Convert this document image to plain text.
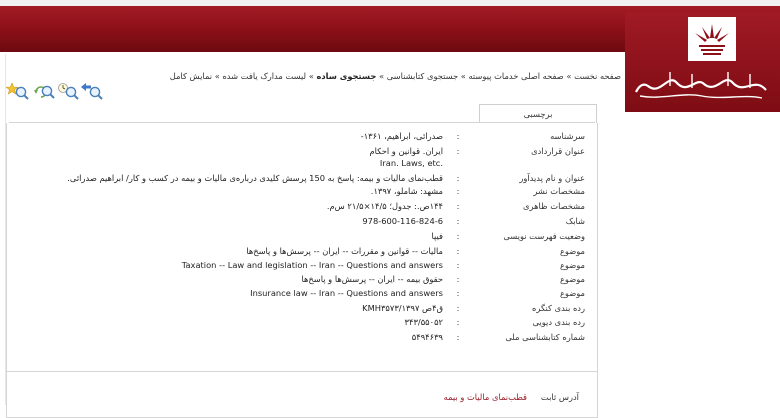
صفحه نخست » صفحه اصلی خدمات پیوسته » جستجوی کتابشناسی » جستجوی ساده » لیست مدارک یافت شده » نمایش کامل
برچسبی
سرشناسه
:
صدرائی، ابراهیم، ۱۳۶۱-
عنوان قراردادی
:
ایران. قوانین و احکام
Iran. Laws, etc.
عنوان و نام پدیدآور
:
قطب‌نمای مالیات و بیمه: پاسخ به 150 پرسش کلیدی درباره‌ی مالیات و بیمه در کسب و کار/ ابراهیم صدرائی.
مشخصات نشر
:
مشهد: شاملو، ۱۳۹۷.
مشخصات ظاهری
:
۱۴۴ص.: جدول؛ ۱۴/۵×۲۱/۵ س‌م.
شابک
:
978-600-116-824-6
وضعیت فهرست نویسی
:
فیپا
موضوع
:
مالیات -- قوانین و مقررات -- ایران -- پرسش‌ها و پاسخ‌ها
موضوع
:
Taxation -- Law and legislation -- Iran -- Questions and answers
موضوع
:
حقوق بیمه -- ایران -- پرسش‌ها و پاسخ‌ها
موضوع
:
Insurance law -- Iran -- Questions and answers
رده بندی کنگره
:
KMH۳۵۷۳/ق۴ص ۱۳۹۷
رده بندی دیویی
:
۳۴۳/۵۵۰۵۲
شماره کتابشناسی ملی
:
۵۴۹۴۶۳۹
آدرس ثابت
قطب‌نمای مالیات و بیمه
